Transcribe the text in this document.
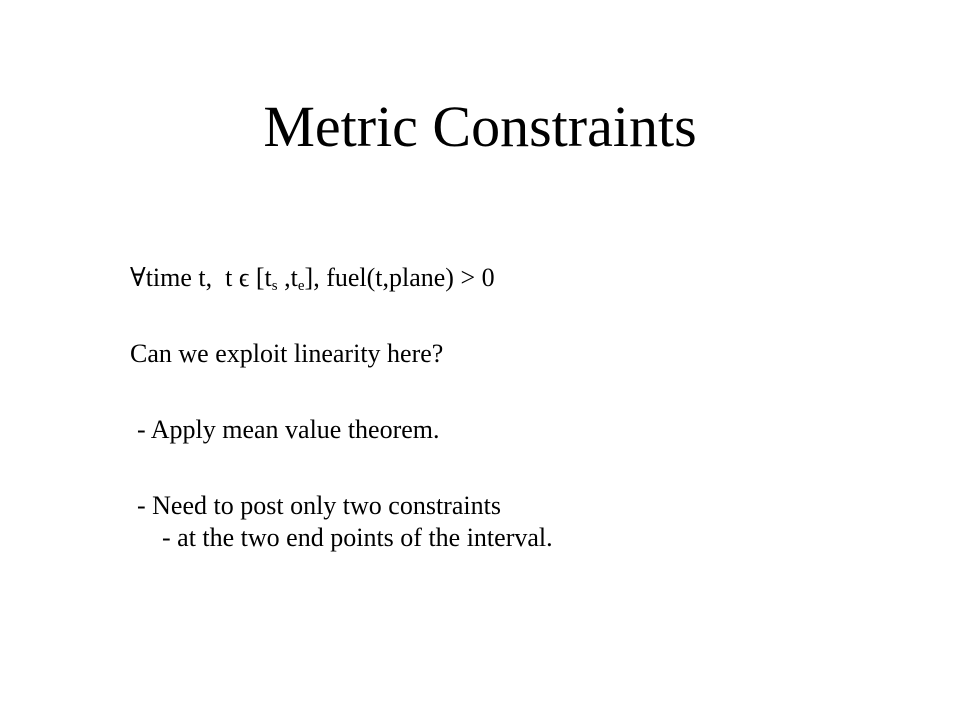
Metric Constraints
∀time t,  t ϵ [$t_s$ $,t_e$], fuel(t,plane) > 0
Can we exploit linearity here?
- Apply mean value theorem.
- Need to post only two constraints
- at the two end points of the interval.
